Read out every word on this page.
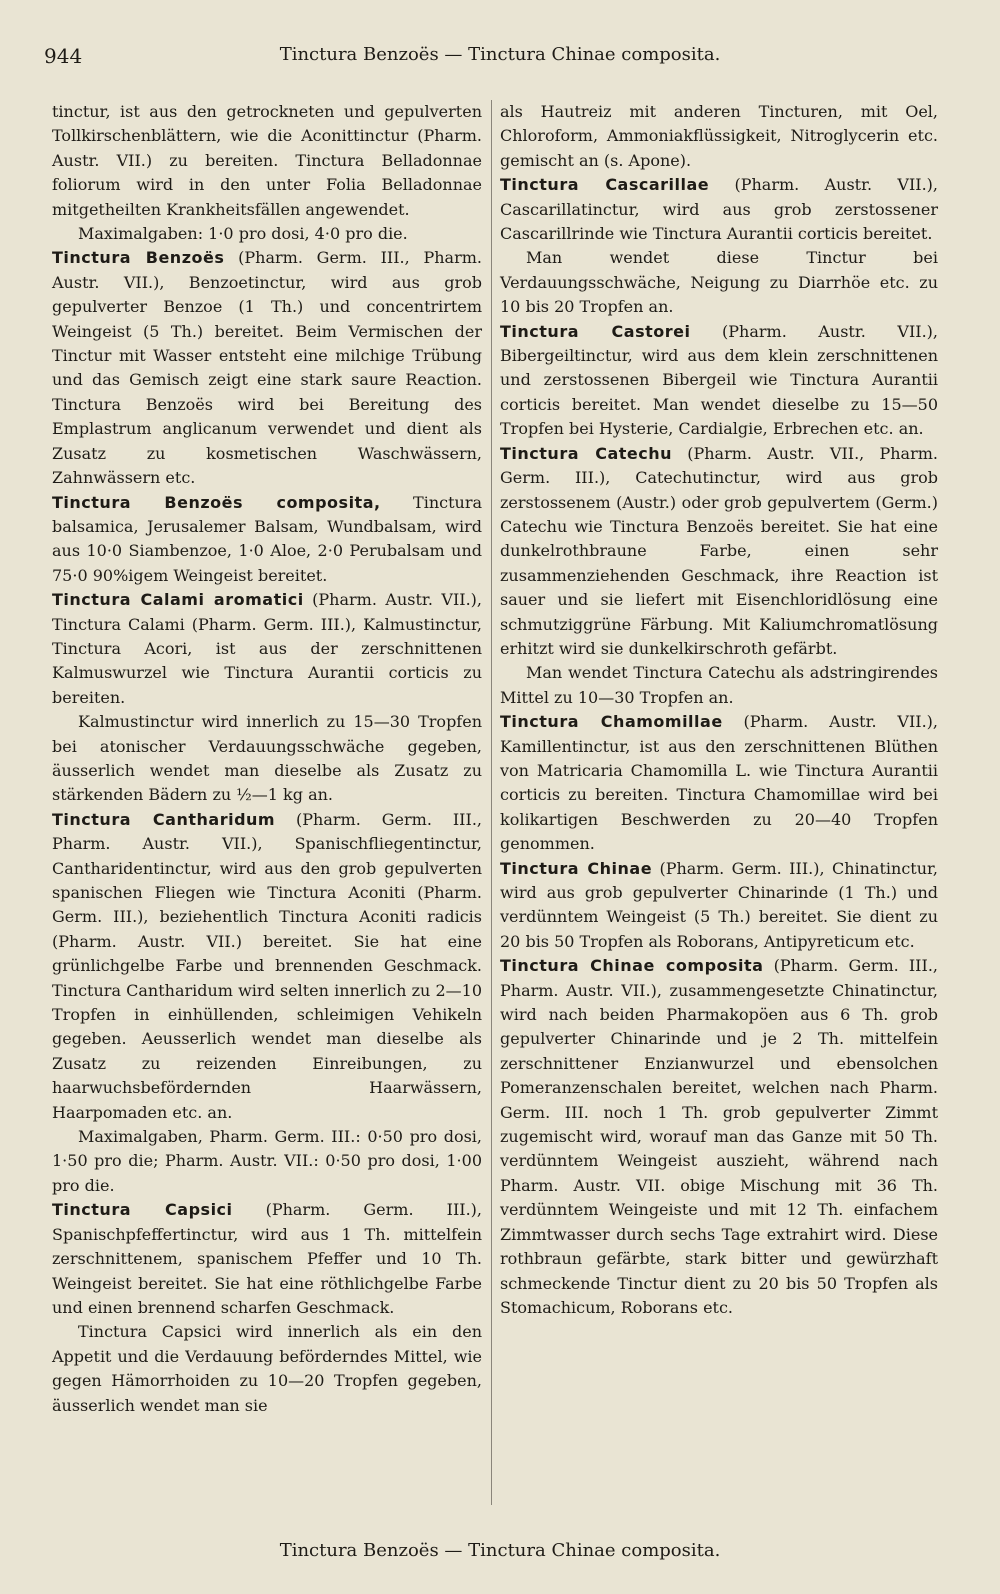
944	Tinctura Benzoës — Tinctura Chinae composita.

tinctur, ist aus den getrockneten und gepulverten Tollkirschenblättern, wie die Aconittinctur (Pharm. Austr. VII.) zu bereiten. Tinctura Belladonnae foliorum wird in den unter Folia Belladonnae mitgetheilten Krankheitsfällen angewendet.

Maximalgaben: 1·0 pro dosi, 4·0 pro die.

Tinctura Benzoës (Pharm. Germ. III., Pharm. Austr. VII.), Benzoetinctur, wird aus grob gepulverter Benzoe (1 Th.) und concentrirtem Weingeist (5 Th.) bereitet. Beim Vermischen der Tinctur mit Wasser entsteht eine milchige Trübung und das Gemisch zeigt eine stark saure Reaction. Tinctura Benzoës wird bei Bereitung des Emplastrum anglicanum verwendet und dient als Zusatz zu kosmetischen Waschwässern, Zahnwässern etc.

Tinctura Benzoës composita, Tinctura balsamica, Jerusalemer Balsam, Wundbalsam, wird aus 10·0 Siambenzoe, 1·0 Aloe, 2·0 Perubalsam und 75·0 90%igem Weingeist bereitet.

Tinctura Calami aromatici (Pharm. Austr. VII.), Tinctura Calami (Pharm. Germ. III.), Kalmustinctur, Tinctura Acori, ist aus der zerschnittenen Kalmuswurzel wie Tinctura Aurantii corticis zu bereiten.

Kalmustinctur wird innerlich zu 15—30 Tropfen bei atonischer Verdauungsschwäche gegeben, äusserlich wendet man dieselbe als Zusatz zu stärkenden Bädern zu ½—1 kg an.

Tinctura Cantharidum (Pharm. Germ. III., Pharm. Austr. VII.), Spanischfliegentinctur, Cantharidentinctur, wird aus den grob gepulverten spanischen Fliegen wie Tinctura Aconiti (Pharm. Germ. III.), beziehentlich Tinctura Aconiti radicis (Pharm. Austr. VII.) bereitet. Sie hat eine grünlichgelbe Farbe und brennenden Geschmack. Tinctura Cantharidum wird selten innerlich zu 2—10 Tropfen in einhüllenden, schleimigen Vehikeln gegeben. Aeusserlich wendet man dieselbe als Zusatz zu reizenden Einreibungen, zu haarwuchsbefördernden Haarwässern, Haarpomaden etc. an.

Maximalgaben, Pharm. Germ. III.: 0·50 pro dosi, 1·50 pro die; Pharm. Austr. VII.: 0·50 pro dosi, 1·00 pro die.

Tinctura Capsici (Pharm. Germ. III.), Spanischpfeffertinctur, wird aus 1 Th. mittelfein zerschnittenem, spanischem Pfeffer und 10 Th. Weingeist bereitet. Sie hat eine röthlichgelbe Farbe und einen brennend scharfen Geschmack.

Tinctura Capsici wird innerlich als ein den Appetit und die Verdauung beförderndes Mittel, wie gegen Hämorrhoiden zu 10—20 Tropfen gegeben, äusserlich wendet man sie

als Hautreiz mit anderen Tincturen, mit Oel, Chloroform, Ammoniakflüssigkeit, Nitroglycerin etc. gemischt an (s. Apone).

Tinctura Cascarillae (Pharm. Austr. VII.), Cascarillatinctur, wird aus grob zerstossener Cascarillrinde wie Tinctura Aurantii corticis bereitet.

Man wendet diese Tinctur bei Verdauungsschwäche, Neigung zu Diarrhöe etc. zu 10 bis 20 Tropfen an.

Tinctura Castorei (Pharm. Austr. VII.), Bibergeiltinctur, wird aus dem klein zerschnittenen und zerstossenen Bibergeil wie Tinctura Aurantii corticis bereitet. Man wendet dieselbe zu 15—50 Tropfen bei Hysterie, Cardialgie, Erbrechen etc. an.

Tinctura Catechu (Pharm. Austr. VII., Pharm. Germ. III.), Catechutinctur, wird aus grob zerstossenem (Austr.) oder grob gepulvertem (Germ.) Catechu wie Tinctura Benzoës bereitet. Sie hat eine dunkelrothbraune Farbe, einen sehr zusammenziehenden Geschmack, ihre Reaction ist sauer und sie liefert mit Eisenchloridlösung eine schmutziggrüne Färbung. Mit Kaliumchromatlösung erhitzt wird sie dunkelkirschroth gefärbt.

Man wendet Tinctura Catechu als adstringirendes Mittel zu 10—30 Tropfen an.

Tinctura Chamomillae (Pharm. Austr. VII.), Kamillentinctur, ist aus den zerschnittenen Blüthen von Matricaria Chamomilla L. wie Tinctura Aurantii corticis zu bereiten. Tinctura Chamomillae wird bei kolikartigen Beschwerden zu 20—40 Tropfen genommen.

Tinctura Chinae (Pharm. Germ. III.), Chinatinctur, wird aus grob gepulverter Chinarinde (1 Th.) und verdünntem Weingeist (5 Th.) bereitet. Sie dient zu 20 bis 50 Tropfen als Roborans, Antipyreticum etc.

Tinctura Chinae composita (Pharm. Germ. III., Pharm. Austr. VII.), zusammengesetzte Chinatinctur, wird nach beiden Pharmakopöen aus 6 Th. grob gepulverter Chinarinde und je 2 Th. mittelfein zerschnittener Enzianwurzel und ebensolchen Pomeranzenschalen bereitet, welchen nach Pharm. Germ. III. noch 1 Th. grob gepulverter Zimmt zugemischt wird, worauf man das Ganze mit 50 Th. verdünntem Weingeist auszieht, während nach Pharm. Austr. VII. obige Mischung mit 36 Th. verdünntem Weingeiste und mit 12 Th. einfachem Zimmtwasser durch sechs Tage extrahirt wird. Diese rothbraun gefärbte, stark bitter und gewürzhaft schmeckende Tinctur dient zu 20 bis 50 Tropfen als Stomachicum, Roborans etc.

Tinctura Benzoës — Tinctura Chinae composita.
